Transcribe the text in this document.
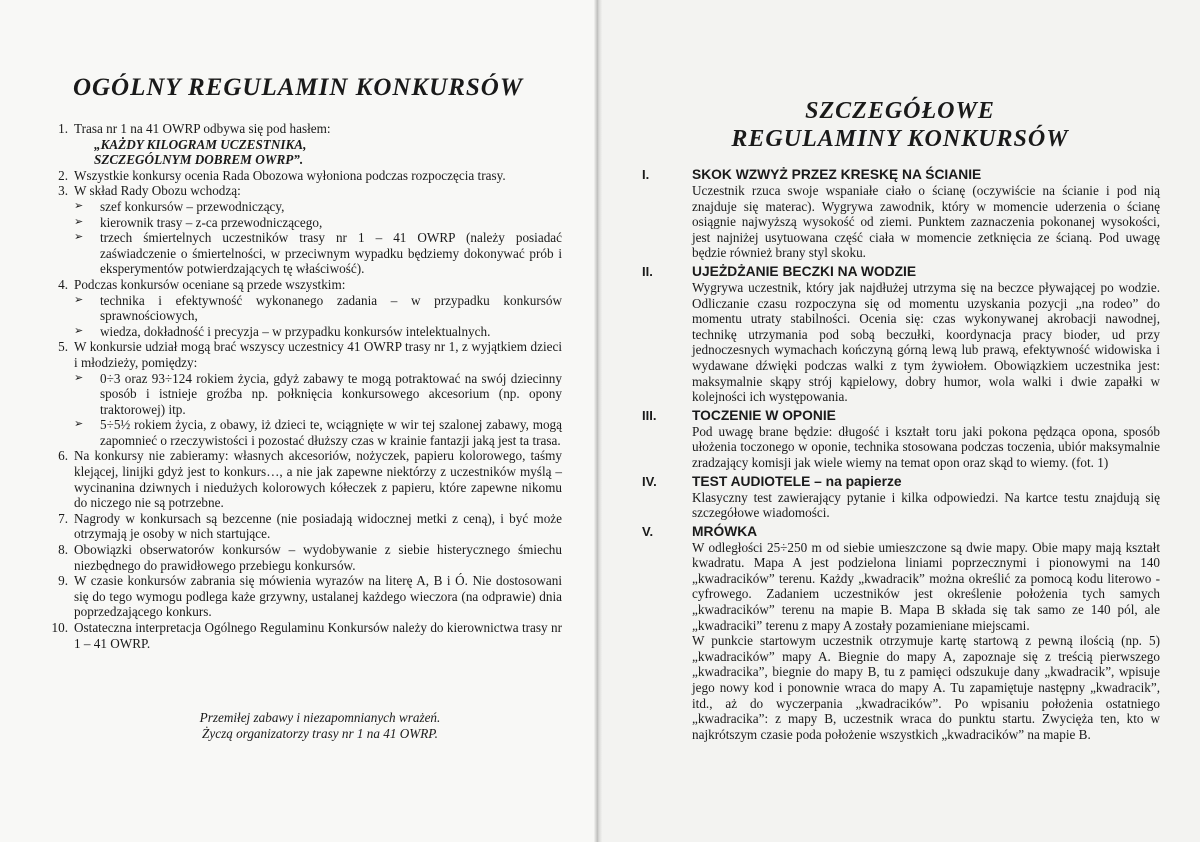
OGÓLNY REGULAMIN KONKURSÓW
1. Trasa nr 1 na 41 OWRP odbywa się pod hasłem:
„KAŻDY KILOGRAM UCZESTNIKA,
SZCZEGÓLNYM DOBREM OWRP”.
2. Wszystkie konkursy ocenia Rada Obozowa wyłoniona podczas rozpoczęcia trasy.
3. W skład Rady Obozu wchodzą:
➢ szef konkursów – przewodniczący,
➢ kierownik trasy – z-ca przewodniczącego,
➢ trzech śmiertelnych uczestników trasy nr 1 – 41 OWRP (należy posiadać zaświadczenie o śmiertelności, w przeciwnym wypadku będziemy dokonywać prób i eksperymentów potwierdzających tę właściwość).
4. Podczas konkursów oceniane są przede wszystkim:
➢ technika i efektywność wykonanego zadania – w przypadku konkursów sprawnościowych,
➢ wiedza, dokładność i precyzja – w przypadku konkursów intelektualnych.
5. W konkursie udział mogą brać wszyscy uczestnicy 41 OWRP trasy nr 1, z wyjątkiem dzieci i młodzieży, pomiędzy:
➢ 0÷3 oraz 93÷124 rokiem życia, gdyż zabawy te mogą potraktować na swój dziecinny sposób i istnieje groźba np. połknięcia konkursowego akcesorium (np. opony traktorowej) itp.
➢ 5÷5½ rokiem życia, z obawy, iż dzieci te, wciągnięte w wir tej szalonej zabawy, mogą zapomnieć o rzeczywistości i pozostać dłuższy czas w krainie fantazji jaką jest ta trasa.
6. Na konkursy nie zabieramy: własnych akcesoriów, nożyczek, papieru kolorowego, taśmy klejącej, linijki gdyż jest to konkurs…, a nie jak zapewne niektórzy z uczestników myślą – wycinanina dziwnych i niedużych kolorowych kółeczek z papieru, które zapewne nikomu do niczego nie są potrzebne.
7. Nagrody w konkursach są bezcenne (nie posiadają widocznej metki z ceną), i być może otrzymają je osoby w nich startujące.
8. Obowiązki obserwatorów konkursów – wydobywanie z siebie histerycznego śmiechu niezbędnego do prawidłowego przebiegu konkursów.
9. W czasie konkursów zabrania się mówienia wyrazów na literę A, B i Ó. Nie dostosowani się do tego wymogu podlega każe grzywny, ustalanej każdego wieczora (na odprawie) dnia poprzedzającego konkurs.
10. Ostateczna interpretacja Ogólnego Regulaminu Konkursów należy do kierownictwa trasy nr 1 – 41 OWRP.
Przemiłej zabawy i niezapomnianych wrażeń.
Życzą organizatorzy trasy nr 1 na 41 OWRP.
SZCZEGÓŁOWE
REGULAMINY KONKURSÓW
I.	SKOK WZWYŻ PRZEZ KRESKĘ NA ŚCIANIE

Uczestnik rzuca swoje wspaniałe ciało o ścianę (oczywiście na ścianie i pod nią znajduje się materac). Wygrywa zawodnik, który w momencie uderzenia o ścianę osiągnie najwyższą wysokość od ziemi. Punktem zaznaczenia pokonanej wysokości, jest najniżej usytuowana część ciała w momencie zetknięcia ze ścianą. Pod uwagę będzie również brany styl skoku.

II.	UJEŻDŻANIE BECZKI NA WODZIE

Wygrywa uczestnik, który jak najdłużej utrzyma się na beczce pływającej po wodzie. Odliczanie czasu rozpoczyna się od momentu uzyskania pozycji „na rodeo” do momentu utraty stabilności. Ocenia się: czas wykonywanej akrobacji nawodnej, technikę utrzymania pod sobą beczułki, koordynacja pracy bioder, ud przy jednoczesnych wymachach kończyną górną lewą lub prawą, efektywność widowiska i wydawane dźwięki podczas walki z tym żywiołem. Obowiązkiem uczestnika jest: maksymalnie skąpy strój kąpielowy, dobry humor, wola walki i dwie zapałki w kolejności ich występowania.

III.	TOCZENIE W OPONIE

Pod uwagę brane będzie: długość i kształt toru jaki pokona pędząca opona, sposób ułożenia toczonego w oponie, technika stosowana podczas toczenia, ubiór maksymalnie zradzający komisji jak wiele wiemy na temat opon oraz skąd to wiemy. (fot. 1)

IV.	TEST AUDIOTELE – na papierze

Klasyczny test zawierający pytanie i kilka odpowiedzi. Na kartce testu znajdują się szczegółowe wiadomości.

V.	MRÓWKA

W odległości 25÷250 m od siebie umieszczone są dwie mapy. Obie mapy mają kształt kwadratu. Mapa A jest podzielona liniami poprzecznymi i pionowymi na 140 „kwadracików” terenu. Każdy „kwadracik” można określić za pomocą kodu literowo - cyfrowego. Zadaniem uczestników jest określenie położenia tych samych „kwadracików” terenu na mapie B. Mapa B składa się tak samo ze 140 pól, ale „kwadraciki” terenu z mapy A zostały pozamieniane miejscami.

W punkcie startowym uczestnik otrzymuje kartę startową z pewną ilością (np. 5) „kwadracików” mapy A. Biegnie do mapy A, zapoznaje się z treścią pierwszego „kwadracika”, biegnie do mapy B, tu z pamięci odszukuje dany „kwadracik”, wpisuje jego nowy kod i ponownie wraca do mapy A. Tu zapamiętuje następny „kwadracik”, itd., aż do wyczerpania „kwadracików”. Po wpisaniu położenia ostatniego „kwadracika”: z mapy B, uczestnik wraca do punktu startu. Zwycięża ten, kto w najkrótszym czasie poda położenie wszystkich „kwadracików” na mapie B.
